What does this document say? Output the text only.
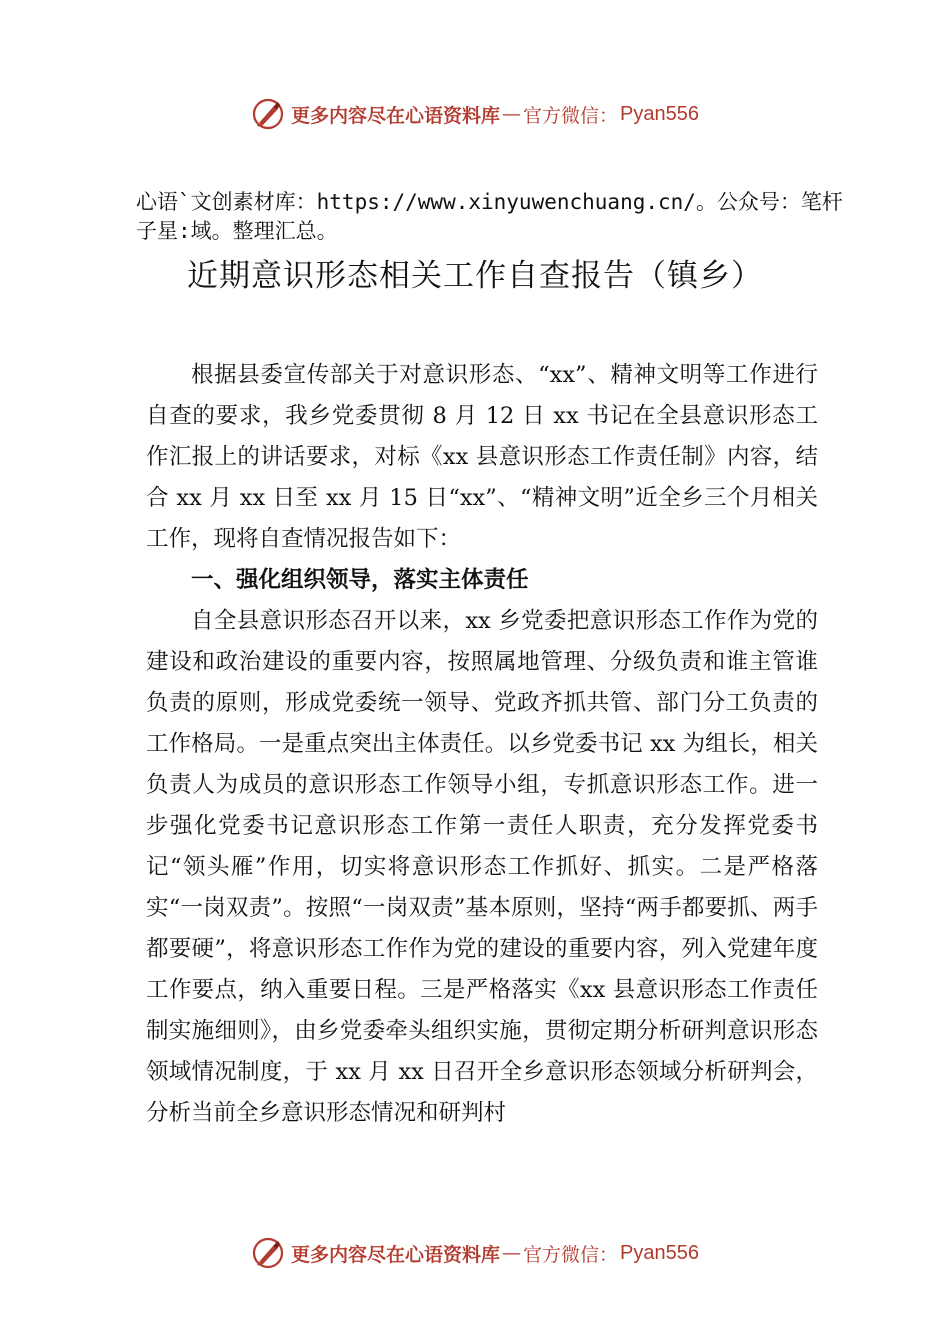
更多内容尽在心语资料库 — 官方微信： Pyan556
心语`文创素材库：https://www.xinyuwenchuang.cn/。公众号：笔杆子星:域。整理汇总。
近期意识形态相关工作自查报告（镇乡）

根据县委宣传部关于对意识形态、“xx”、精神文明等工作进行自查的要求，我乡党委贯彻 8 月 12 日 xx 书记在全县意识形态工作汇报上的讲话要求，对标《xx 县意识形态工作责任制》内容，结合 xx 月 xx 日至 xx 月 15 日“xx”、“精神文明”近全乡三个月相关工作，现将自查情况报告如下：

一、强化组织领导，落实主体责任

自全县意识形态召开以来，xx 乡党委把意识形态工作作为党的建设和政治建设的重要内容，按照属地管理、分级负责和谁主管谁负责的原则，形成党委统一领导、党政齐抓共管、部门分工负责的工作格局。一是重点突出主体责任。以乡党委书记 xx 为组长，相关负责人为成员的意识形态工作领导小组，专抓意识形态工作。进一步强化党委书记意识形态工作第一责任人职责，充分发挥党委书记“领头雁”作用，切实将意识形态工作抓好、抓实。二是严格落实“一岗双责”。按照“一岗双责”基本原则，坚持“两手都要抓、两手都要硬”，将意识形态工作作为党的建设的重要内容，列入党建年度工作要点，纳入重要日程。三是严格落实《xx 县意识形态工作责任制实施细则》，由乡党委牵头组织实施，贯彻定期分析研判意识形态领域情况制度，于 xx 月 xx 日召开全乡意识形态领域分析研判会，分析当前全乡意识形态情况和研判村

更多内容尽在心语资料库 — 官方微信： Pyan556
